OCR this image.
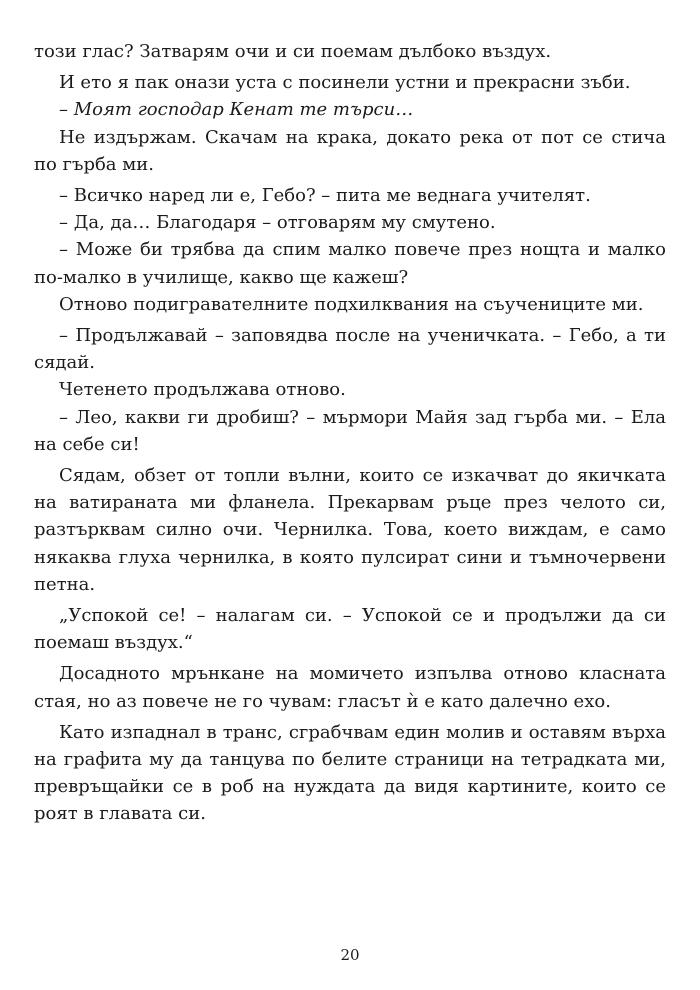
този глас? Затварям очи и си поемам дълбоко въздух.

И ето я пак онази уста с посинели устни и прекрасни зъби.

– Моят господар Кенат те търси…

Не издържам. Скачам на крака, докато река от пот се стича по гърба ми.

– Всичко наред ли е, Гебо? – пита ме веднага учителят.

– Да, да… Благодаря – отговарям му смутено.

– Може би трябва да спим малко повече през нощта и малко по-малко в училище, какво ще кажеш?

Отново подигравателните подхилквания на съучениците ми.

– Продължавай – заповядва после на ученичката. – Гебо, а ти сядай.

Четенето продължава отново.

– Лео, какви ги дробиш? – мърмори Майя зад гърба ми. – Ела на себе си!

Сядам, обзет от топли вълни, които се изкачват до якичката на ватираната ми фланела. Прекарвам ръце през челото си, разтърквам силно очи. Чернилка. Това, което виждам, е само някаква глуха чернилка, в която пулсират сини и тъмночервени петна.

„Успокой се! – налагам си. – Успокой се и продължи да си поемаш въздух.“

Досадното мрънкане на момичето изпълва отново класната стая, но аз повече не го чувам: гласът ѝ е като далечно ехо.

Като изпаднал в транс, сграбчвам един молив и оставям върха на графита му да танцува по белите страници на тетрадката ми, превръщайки се в роб на нуждата да видя картините, които се роят в главата си.

20
